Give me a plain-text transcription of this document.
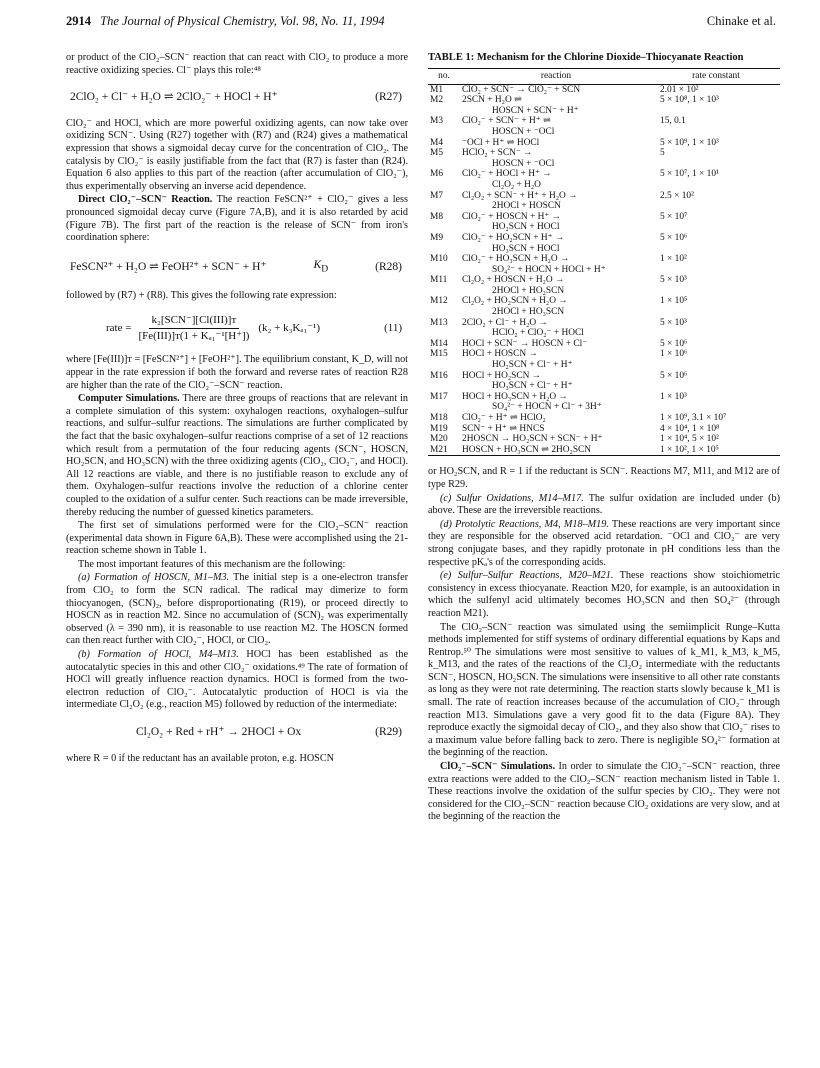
2914 The Journal of Physical Chemistry, Vol. 98, No. 11, 1994	Chinake et al.

or product of the ClO₂–SCN⁻ reaction that can react with ClO₂ to produce a more reactive oxidizing species. Cl⁻ plays this role:⁴⁸

2ClO₂ + Cl⁻ + H₂O ⇌ 2ClO₂⁻ + HOCl + H⁺	(R27)

ClO₂⁻ and HOCl, which are more powerful oxidizing agents, can now take over oxidizing SCN⁻. Using (R27) together with (R7) and (R24) gives a mathematical expression that shows a sigmoidal decay curve for the concentration of ClO₂. The catalysis by ClO₂⁻ is easily justifiable from the fact that (R7) is faster than (R24). Equation 6 also applies to this part of the reaction (after accumulation of ClO₂⁻), thus experimentally observing an inverse acid dependence.

Direct ClO₂⁻–SCN⁻ Reaction. The reaction FeSCN²⁺ + ClO₂⁻ gives a less pronounced sigmoidal decay curve (Figure 7A,B), and it is also retarded by acid (Figure 7B). The first part of the reaction is the release of SCN⁻ from iron's coordination sphere:

FeSCN²⁺ + H₂O ⇌ FeOH²⁺ + SCN⁻ + H⁺	$K_D$	(R28)

followed by (R7) + (R8). This gives the following rate expression:

rate = $\frac{\text{k₂[SCN⁻][Cl(III)]ᴛ}}{\text{[Fe(III)]ᴛ(1 + Kₐ₁⁻¹[H⁺])}} (k_2 + k_3K_{a1}^{-1})$	(11)

where [Fe(III)]ᴛ = [FeSCN²⁺] + [FeOH²⁺]. The equilibrium constant, K_D, will not appear in the rate expression if both the forward and reverse rates of reaction R28 are higher than the rate of the ClO₂⁻–SCN⁻ reaction.

Computer Simulations. There are three groups of reactions that are relevant in a complete simulation of this system: oxyhalogen reactions, oxyhalogen–sulfur reactions, and sulfur–sulfur reactions. The simulations are further complicated by the fact that the basic oxyhalogen–sulfur reactions comprise of a set of 12 reactions which result from a permutation of the four reducing agents (SCN⁻, HOSCN, HO₂SCN, and HO₃SCN) with the three oxidizing agents (ClO₂, ClO₂⁻, and HOCl). All 12 reactions are viable, and there is no justifiable reason to exclude any of them. Oxyhalogen–sulfur reactions involve the reduction of a chlorine center coupled to the oxidation of a sulfur center. Such reactions can be made irreversible, thereby reducing the number of guessed kinetics parameters.

The first set of simulations performed were for the ClO₂–SCN⁻ reaction (experimental data shown in Figure 6A,B). These were accomplished using the 21-reaction scheme shown in Table 1.

The most important features of this mechanism are the following:

(a) Formation of HOSCN, M1–M3. The initial step is a one-electron transfer from ClO₂ to form the SCN radical. The radical may dimerize to form thiocyanogen, (SCN)₂, before disproportionating (R19), or proceed directly to HOSCN as in reaction M2. Since no accumulation of (SCN)₂ was experimentally observed (λ = 390 nm), it is reasonable to use reaction M2. The HOSCN formed can then react further with ClO₂⁻, HOCl, or ClO₂.

(b) Formation of HOCl, M4–M13. HOCl has been established as the autocatalytic species in this and other ClO₂⁻ oxidations.⁴⁹ The rate of formation of HOCl will greatly influence reaction dynamics. HOCl is formed from the two-electron reduction of ClO₂⁻. Autocatalytic production of HOCl is via the intermediate Cl₂O₂ (e.g., reaction M5) followed by reduction of the intermediate:

Cl₂O₂ + Red + rH⁺ → 2HOCl + Ox	(R29)

where R = 0 if the reductant has an available proton, e.g. HOSCN

TABLE 1: Mechanism for the Chlorine Dioxide–Thiocyanate Reaction
no.	reaction	rate constant
M1	ClO₂ + SCN⁻ → ClO₂⁻ + SCN	2.01 × 10²
M2	2SCN + H₂O ⇌
HOSCN + SCN⁻ + H⁺	5 × 10⁸, 1 × 10³
M3	ClO₂⁻ + SCN⁻ + H⁺ ⇌
HOSCN + ⁻OCl	15, 0.1
M4	⁻OCl + H⁺ ⇌ HOCl	5 × 10⁹, 1 × 10³
M5	HClO₂ + SCN⁻ →
HOSCN + ⁻OCl	5
M6	ClO₂⁻ + HOCl + H⁺ →
Cl₂O₂ + H₂O	5 × 10⁷, 1 × 10¹
M7	Cl₂O₂ + SCN⁻ + H⁺ + H₂O →
2HOCl + HOSCN	2.5 × 10²
M8	ClO₂⁻ + HOSCN + H⁺ →
HO₂SCN + HOCl	5 × 10⁷
M9	ClO₂⁻ + HO₂SCN + H⁺ →
HO₃SCN + HOCl	5 × 10⁶
M10	ClO₂⁻ + HO₃SCN + H₂O →
SO₄²⁻ + HOCN + HOCl + H⁺	1 × 10²
M11	Cl₂O₂ + HOSCN + H₂O →
2HOCl + HO₂SCN	5 × 10³
M12	Cl₂O₂ + HO₂SCN + H₂O →
2HOCl + HO₃SCN	1 × 10⁵
M13	2ClO₂ + Cl⁻ + H₂O →
HClO₂ + ClO₂⁻ + HOCl	5 × 10³
M14	HOCl + SCN⁻ → HOSCN + Cl⁻	5 × 10⁶
M15	HOCl + HOSCN →
HO₂SCN + Cl⁻ + H⁺	1 × 10⁶
M16	HOCl + HO₂SCN →
HO₃SCN + Cl⁻ + H⁺	5 × 10⁶
M17	HOCl + HO₃SCN + H₂O →
SO₄²⁻ + HOCN + Cl⁻ + 3H⁺	1 × 10³
M18	ClO₂⁻ + H⁺ ⇌ HClO₂	1 × 10⁹, 3.1 × 10⁷
M19	SCN⁻ + H⁺ ⇌ HNCS	4 × 10⁴, 1 × 10⁸
M20	2HOSCN → HO₂SCN + SCN⁻ + H⁺	1 × 10⁴, 5 × 10²
M21	HOSCN + HO₃SCN ⇌ 2HO₂SCN	1 × 10², 1 × 10⁵

or HO₂SCN, and R = 1 if the reductant is SCN⁻. Reactions M7, M11, and M12 are of type R29.

(c) Sulfur Oxidations, M14–M17. The sulfur oxidation are included under (b) above. These are the irreversible reactions.

(d) Protolytic Reactions, M4, M18–M19. These reactions are very important since they are responsible for the observed acid retardation. ⁻OCl and ClO₂⁻ are very strong conjugate bases, and they rapidly protonate in pH conditions less than the respective pKₐ's of the corresponding acids.

(e) Sulfur–Sulfur Reactions, M20–M21. These reactions show stoichiometric consistency in excess thiocyanate. Reaction M20, for example, is an autooxidation in which the sulfenyl acid ultimately becomes HO₃SCN and then SO₄²⁻ (through reaction M21).

The ClO₂–SCN⁻ reaction was simulated using the semiimplicit Runge–Kutta methods implemented for stiff systems of ordinary differential equations by Kaps and Rentrop.⁵⁰ The simulations were most sensitive to values of k_M1, k_M3, k_M5, k_M13, and the rates of the reactions of the Cl₂O₂ intermediate with the reductants SCN⁻, HOSCN, HO₂SCN. The simulations were insensitive to all other rate constants as long as they were not rate determining. The reaction starts slowly because k_M1 is small. The rate of reaction increases because of the accumulation of ClO₂⁻ through reaction M13. Simulations gave a very good fit to the data (Figure 8A). They reproduce exactly the sigmoidal decay of ClO₂, and they also show that ClO₂⁻ rises to a maximum value before falling back to zero. There is negligible SO₄²⁻ formation at the beginning of the reaction.

ClO₂⁻–SCN⁻ Simulations. In order to simulate the ClO₂⁻–SCN⁻ reaction, three extra reactions were added to the ClO₂–SCN⁻ reaction mechanism listed in Table 1. These reactions involve the oxidation of the sulfur species by ClO₂. They were not considered for the ClO₂–SCN⁻ reaction because ClO₂ oxidations are very slow, and at the beginning of the reaction the
